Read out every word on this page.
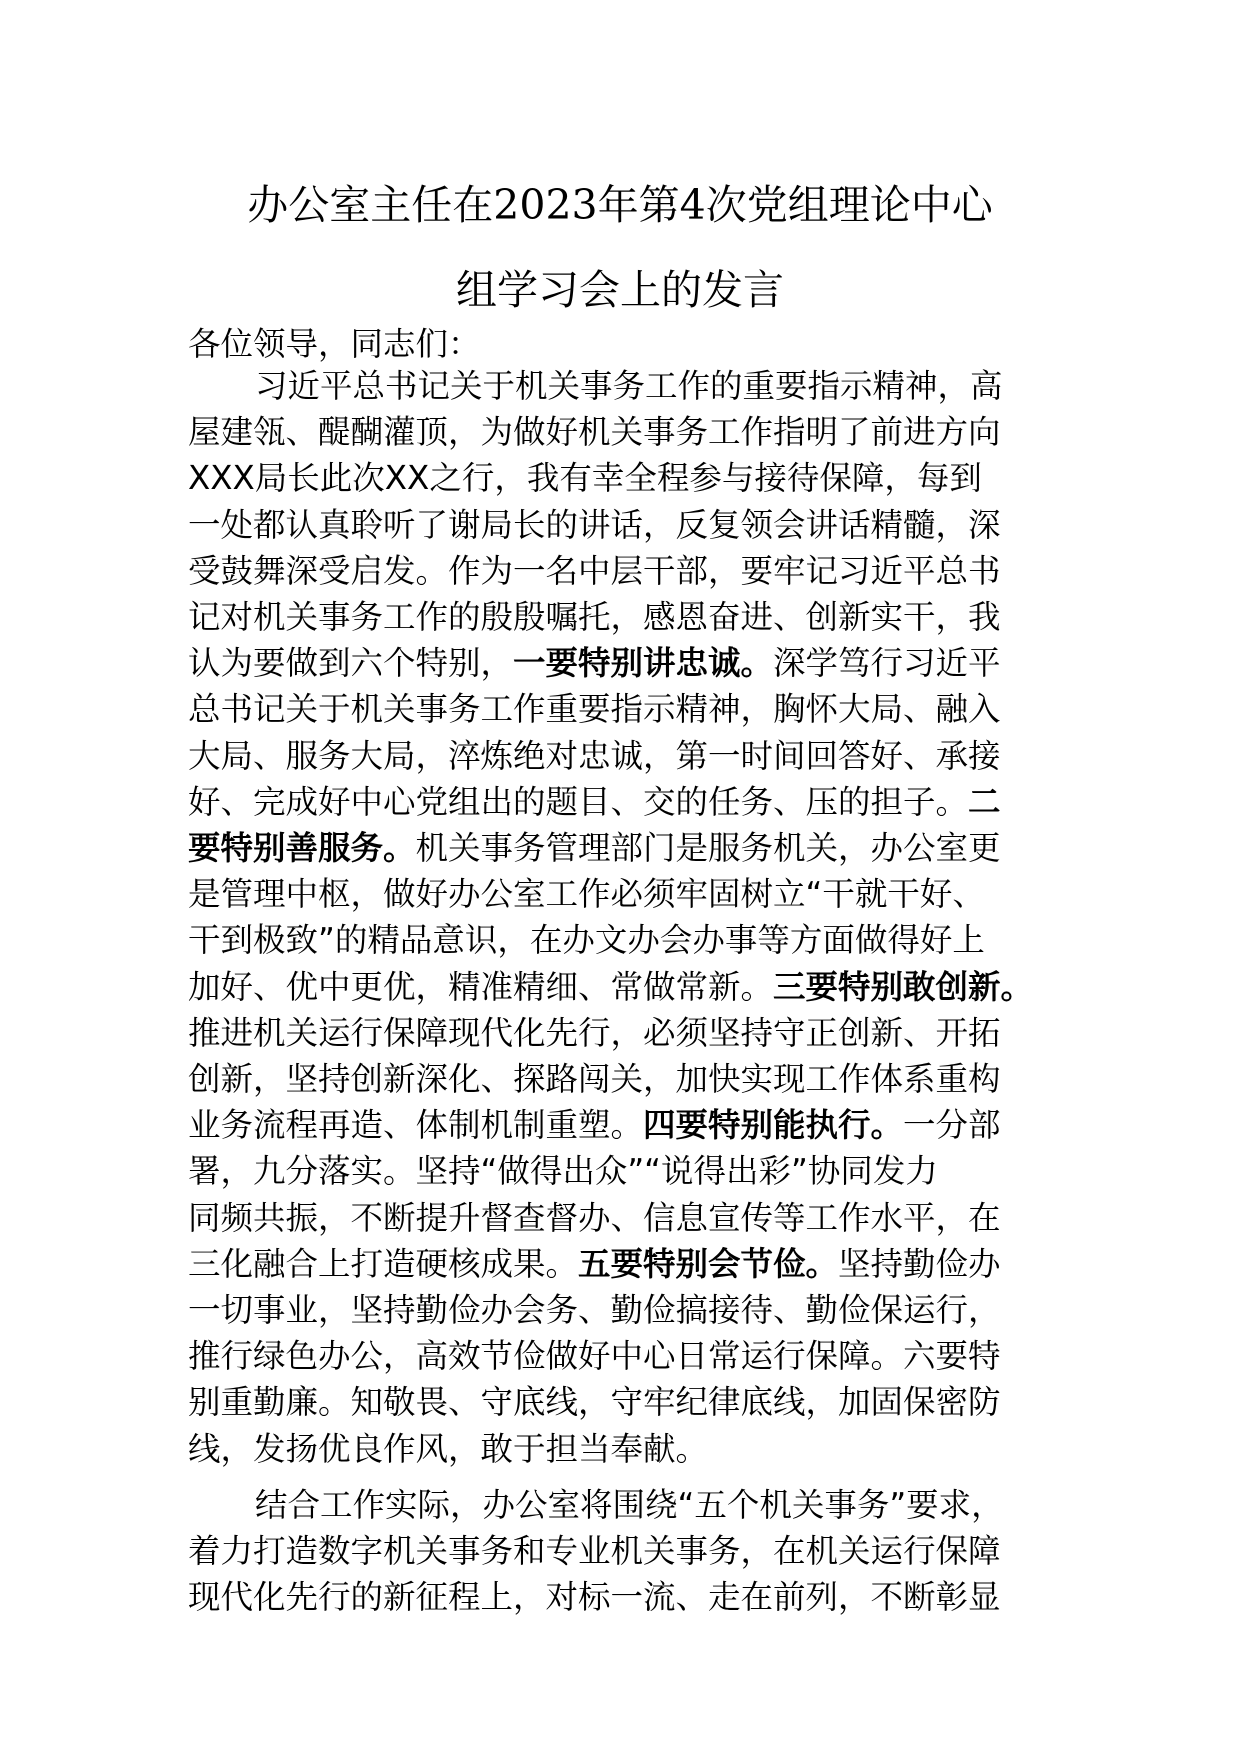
办公室主任在2023年第4次党组理论中心
组学习会上的发言

各位领导，同志们：

习近平总书记关于机关事务工作的重要指示精神，高

屋建瓴、醍醐灌顶，为做好机关事务工作指明了前进方向

XXX局长此次XX之行，我有幸全程参与接待保障，每到

一处都认真聆听了谢局长的讲话，反复领会讲话精髓，深

受鼓舞深受启发。作为一名中层干部，要牢记习近平总书

记对机关事务工作的殷殷嘱托，感恩奋进、创新实干，我

认为要做到六个特别，一要特别讲忠诚。深学笃行习近平

总书记关于机关事务工作重要指示精神，胸怀大局、融入

大局、服务大局，淬炼绝对忠诚，第一时间回答好、承接

好、完成好中心党组出的题目、交的任务、压的担子。二

要特别善服务。机关事务管理部门是服务机关，办公室更

是管理中枢，做好办公室工作必须牢固树立“干就干好、

干到极致”的精品意识，在办文办会办事等方面做得好上

加好、优中更优，精准精细、常做常新。三要特别敢创新。

推进机关运行保障现代化先行，必须坚持守正创新、开拓

创新，坚持创新深化、探路闯关，加快实现工作体系重构

业务流程再造、体制机制重塑。四要特别能执行。一分部

署，九分落实。坚持“做得出众”“说得出彩”协同发力

同频共振，不断提升督查督办、信息宣传等工作水平，在

三化融合上打造硬核成果。五要特别会节俭。坚持勤俭办

一切事业，坚持勤俭办会务、勤俭搞接待、勤俭保运行，

推行绿色办公，高效节俭做好中心日常运行保障。六要特

别重勤廉。知敬畏、守底线，守牢纪律底线，加固保密防

线，发扬优良作风，敢于担当奉献。

结合工作实际，办公室将围绕“五个机关事务”要求，

着力打造数字机关事务和专业机关事务，在机关运行保障

现代化先行的新征程上，对标一流、走在前列，不断彰显
